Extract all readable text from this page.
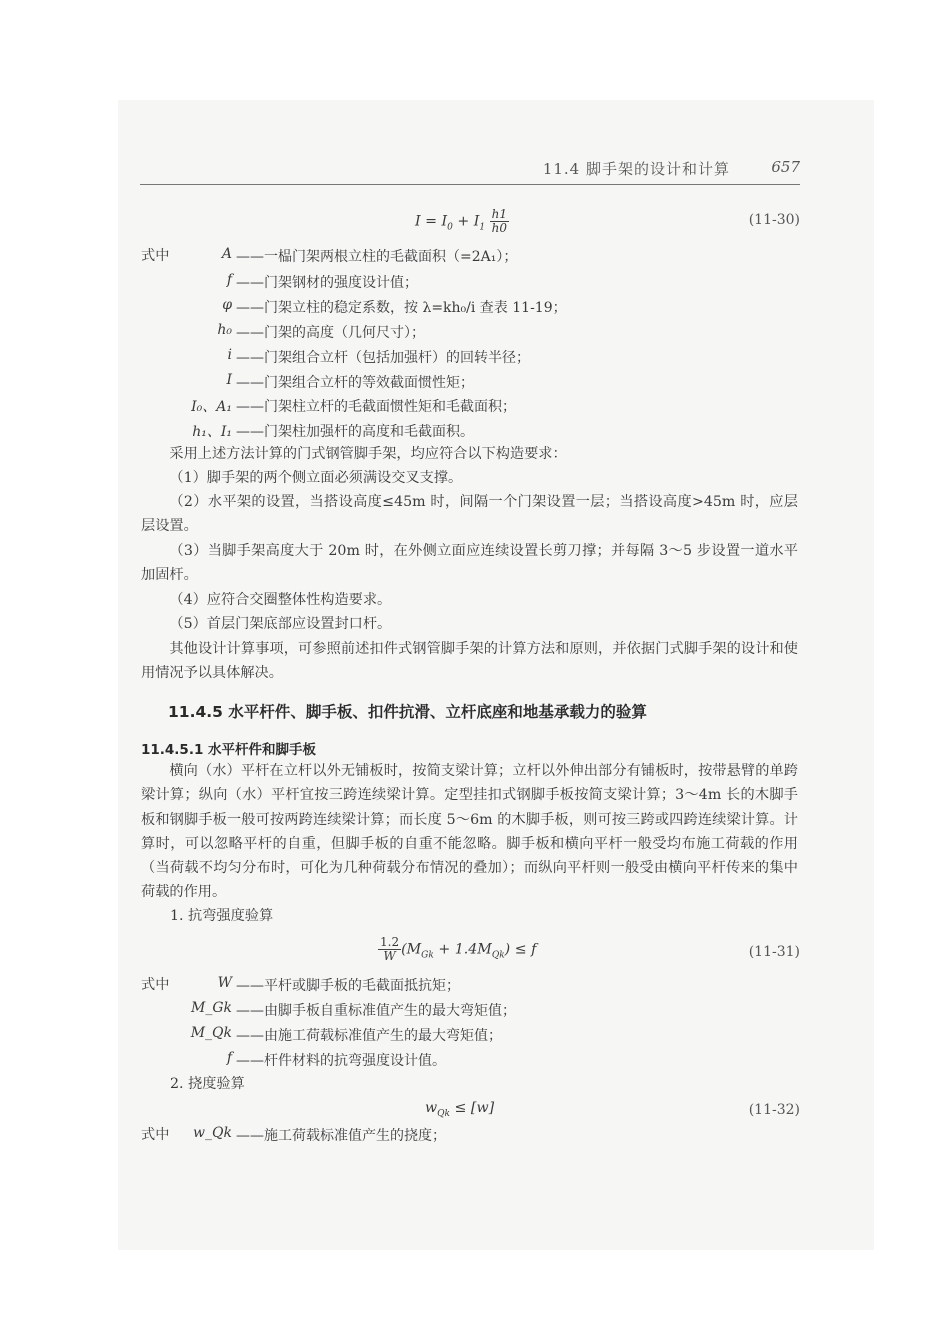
11.4 脚手架的设计和计算	657
$I = I_0 + I_1 \frac{h1}{h0}$	(11-30)
式中	A ——一榀门架两根立柱的毛截面积（=2A₁）；
f ——门架钢材的强度设计值；
φ ——门架立柱的稳定系数，按 λ=kh₀/i 查表 11-19；
h₀ ——门架的高度（几何尺寸）；
i ——门架组合立杆（包括加强杆）的回转半径；
I ——门架组合立杆的等效截面惯性矩；
I₀、A₁ ——门架柱立杆的毛截面惯性矩和毛截面积；
h₁、I₁ ——门架柱加强杆的高度和毛截面积。
采用上述方法计算的门式钢管脚手架，均应符合以下构造要求：
（1）脚手架的两个侧立面必须满设交叉支撑。
（2）水平架的设置，当搭设高度≤45m 时，间隔一个门架设置一层；当搭设高度>45m 时，应层层设置。
（3）当脚手架高度大于 20m 时，在外侧立面应连续设置长剪刀撑；并每隔 3～5 步设置一道水平加固杆。
（4）应符合交圈整体性构造要求。
（5）首层门架底部应设置封口杆。
其他设计计算事项，可参照前述扣件式钢管脚手架的计算方法和原则，并依据门式脚手架的设计和使用情况予以具体解决。
11.4.5 水平杆件、脚手板、扣件抗滑、立杆底座和地基承载力的验算
11.4.5.1 水平杆件和脚手板
横向（水）平杆在立杆以外无铺板时，按简支梁计算；立杆以外伸出部分有铺板时，按带悬臂的单跨梁计算；纵向（水）平杆宜按三跨连续梁计算。定型挂扣式钢脚手板按简支梁计算；3～4m 长的木脚手板和钢脚手板一般可按两跨连续梁计算；而长度 5～6m 的木脚手板，则可按三跨或四跨连续梁计算。计算时，可以忽略平杆的自重，但脚手板的自重不能忽略。脚手板和横向平杆一般受均布施工荷载的作用（当荷载不均匀分布时，可化为几种荷载分布情况的叠加）；而纵向平杆则一般受由横向平杆传来的集中荷载的作用。
1. 抗弯强度验算
$\frac{1.2}{W} (M_{Gk} + 1.4M_{Qk}) \le f$	(11-31)
式中	W ——平杆或脚手板的毛截面抵抗矩；
M_Gk ——由脚手板自重标准值产生的最大弯矩值；
M_Qk ——由施工荷载标准值产生的最大弯矩值；
f ——杆件材料的抗弯强度设计值。
2. 挠度验算
$w_{Qk} \le [w]$	(11-32)
式中	w_Qk ——施工荷载标准值产生的挠度；
